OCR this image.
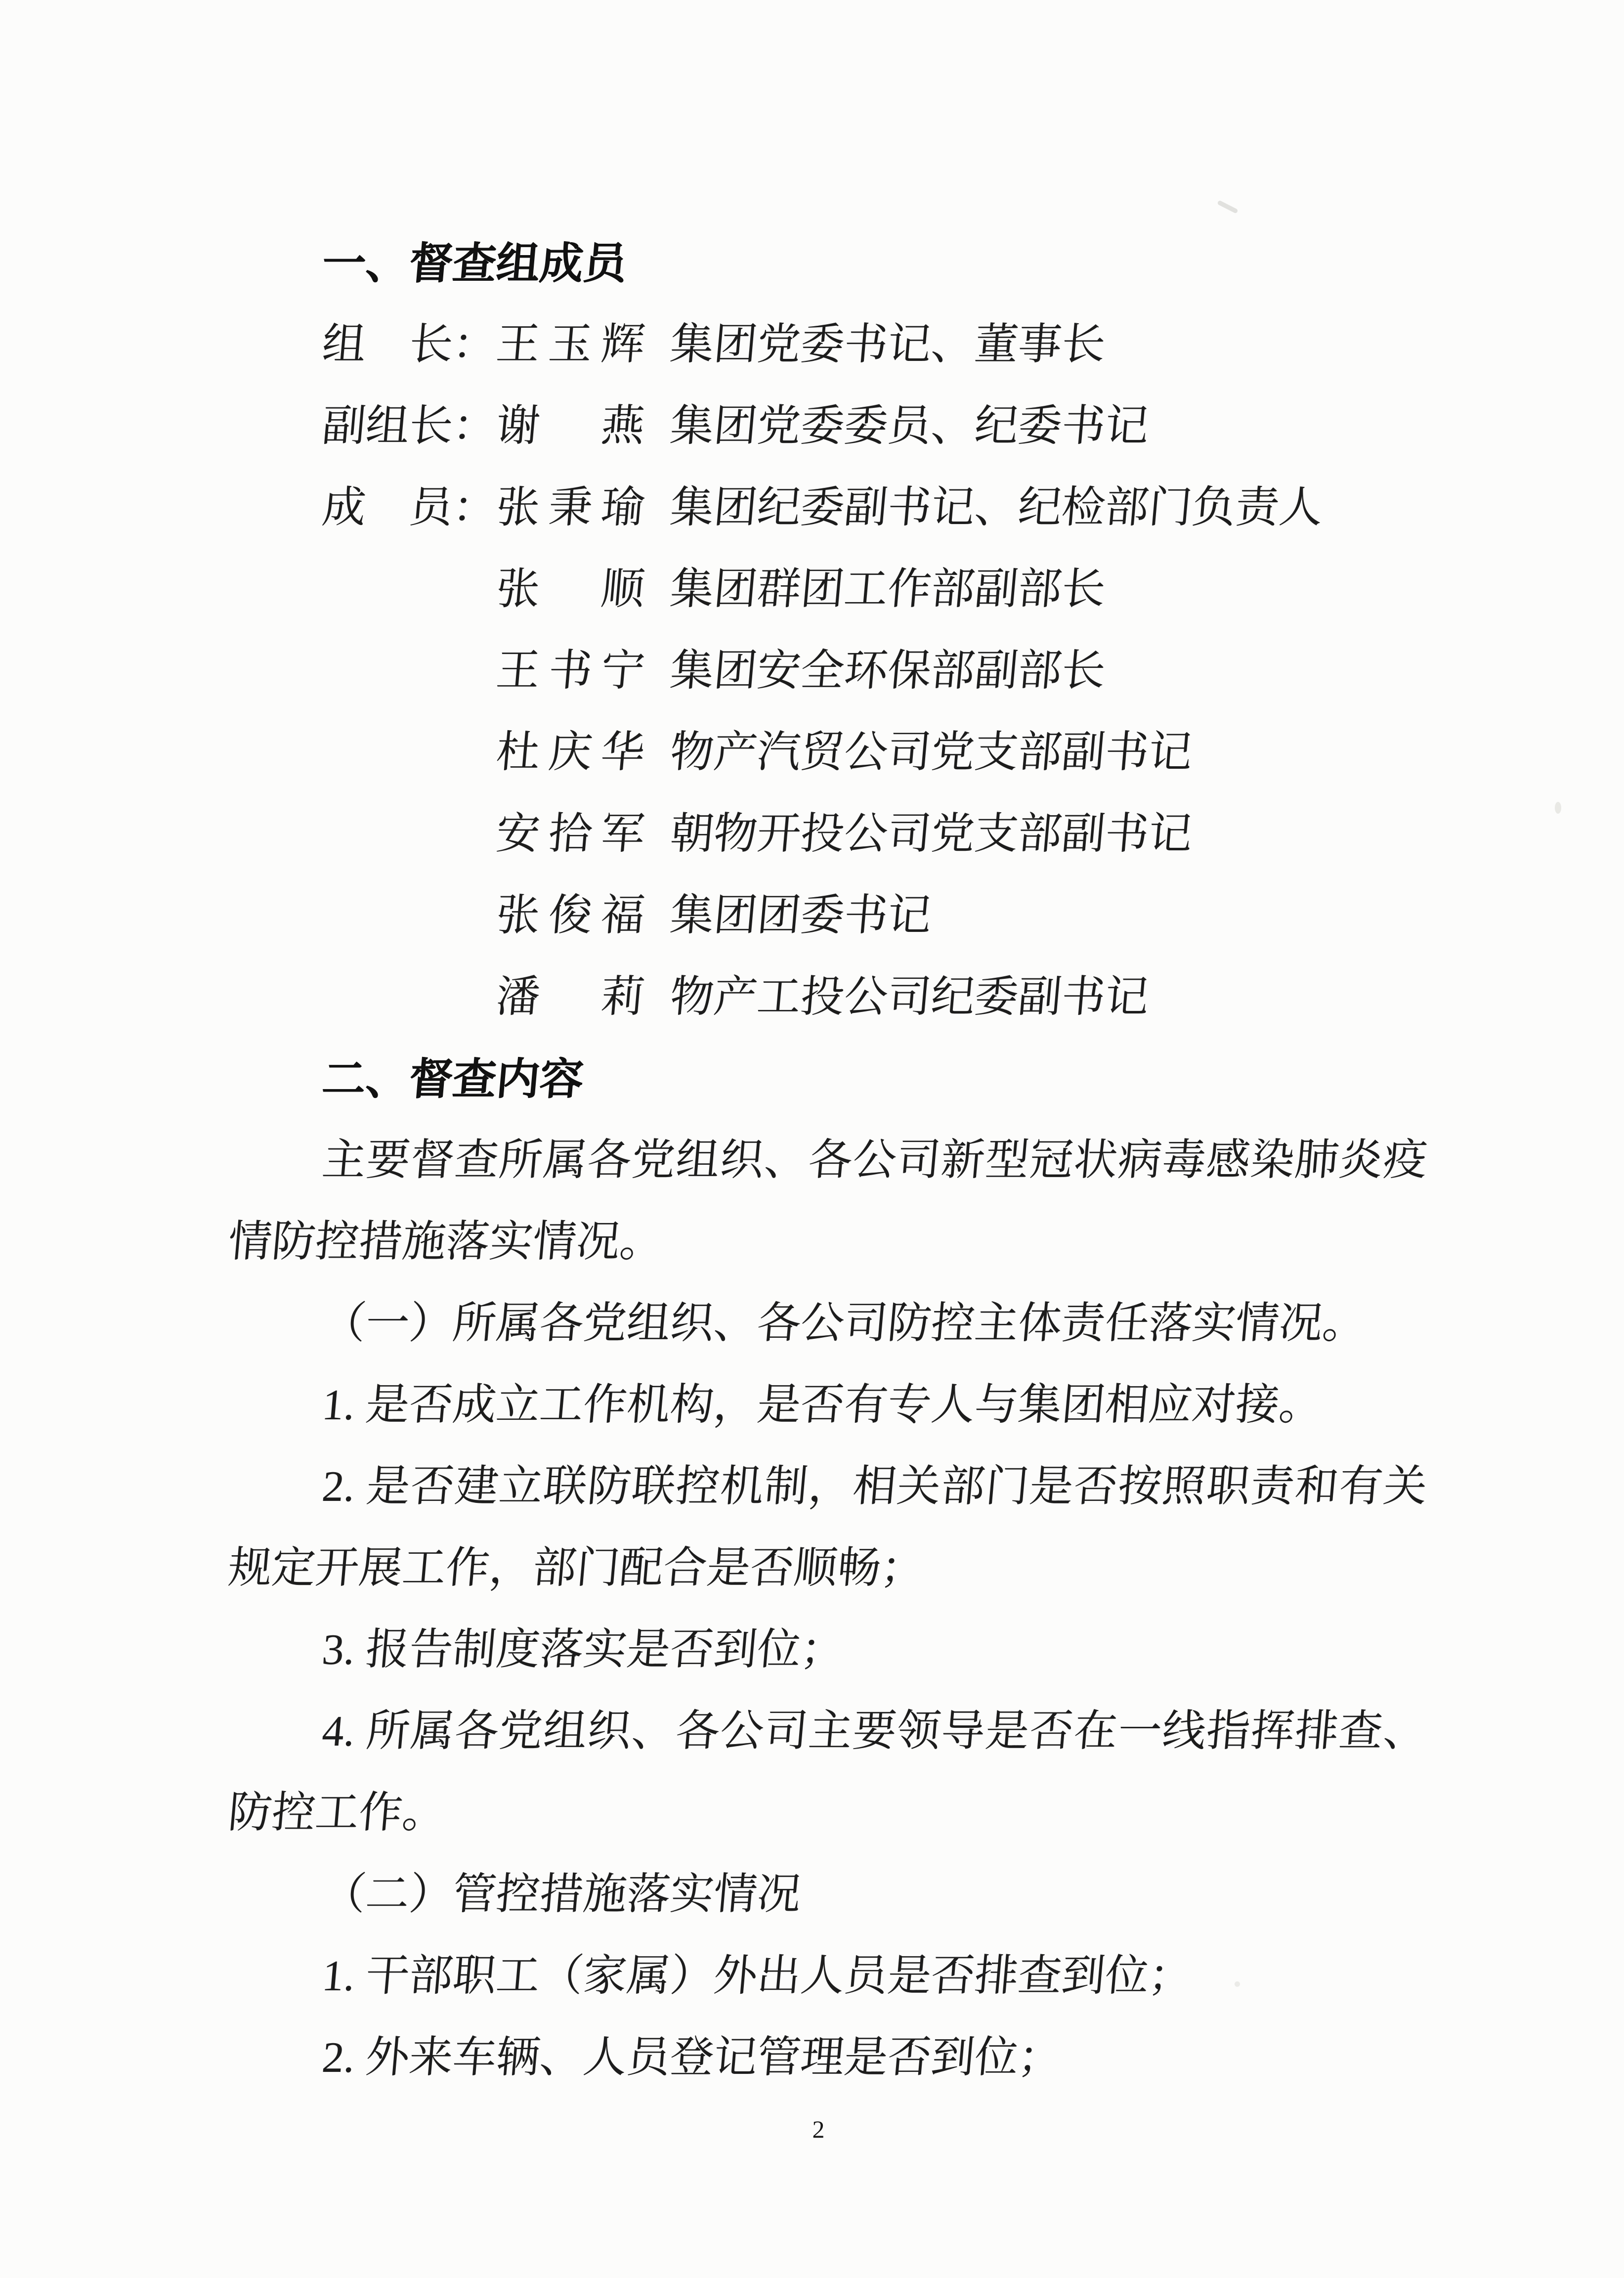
一、督查组成员
组　长：
王玉辉 集团党委书记、董事长
副组长：
谢　燕 集团党委委员、纪委书记
成　员：
张秉瑜 集团纪委副书记、纪检部门负责人
张　顺 集团群团工作部副部长
王书宁 集团安全环保部副部长
杜庆华 物产汽贸公司党支部副书记
安拾军 朝物开投公司党支部副书记
张俊福 集团团委书记
潘　莉 物产工投公司纪委副书记
二、督查内容
主要督查所属各党组织、各公司新型冠状病毒感染肺炎疫
情防控措施落实情况。
（一）所属各党组织、各公司防控主体责任落实情况。
1. 是否成立工作机构，是否有专人与集团相应对接。
2. 是否建立联防联控机制，相关部门是否按照职责和有关
规定开展工作，部门配合是否顺畅；
3. 报告制度落实是否到位；
4. 所属各党组织、各公司主要领导是否在一线指挥排查、
防控工作。
（二）管控措施落实情况
1. 干部职工（家属）外出人员是否排查到位；
2. 外来车辆、人员登记管理是否到位；
2
